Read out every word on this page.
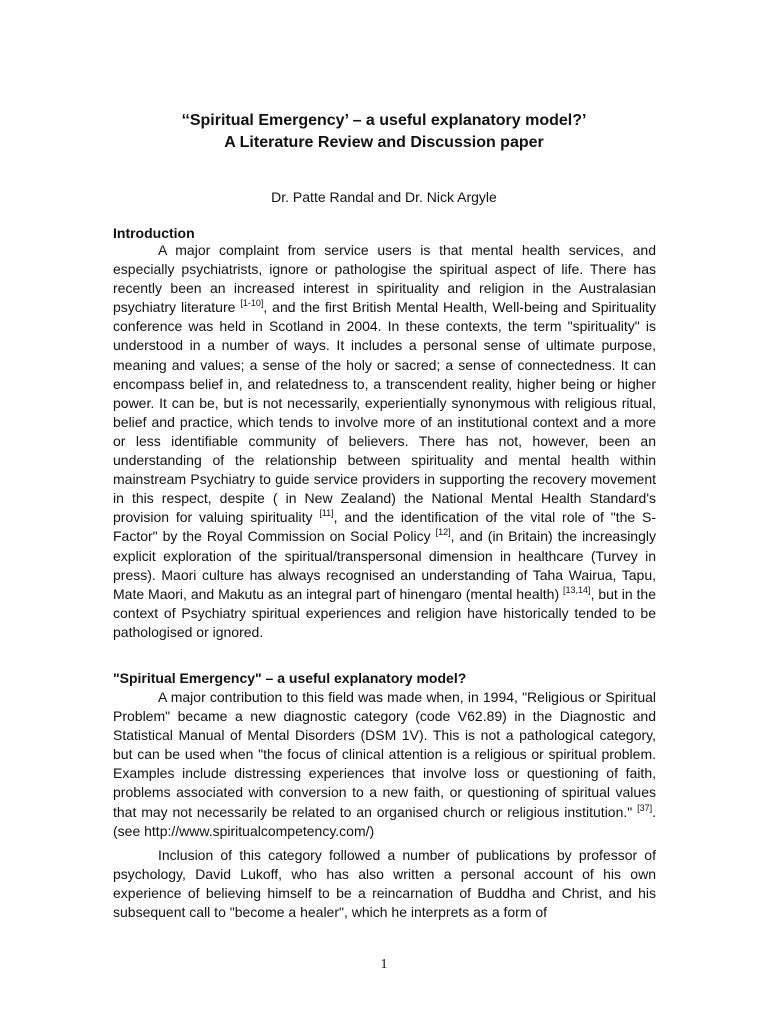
‘‘Spiritual Emergency’ – a useful explanatory model?’
A Literature Review and Discussion paper
Dr. Patte Randal and Dr. Nick Argyle
Introduction

A major complaint from service users is that mental health services, and especially psychiatrists, ignore or pathologise the spiritual aspect of life. There has recently been an increased interest in spirituality and religion in the Australasian psychiatry literature [1-10], and the first British Mental Health, Well-being and Spirituality conference was held in Scotland in 2004. In these contexts, the term "spirituality" is understood in a number of ways. It includes a personal sense of ultimate purpose, meaning and values; a sense of the holy or sacred; a sense of connectedness. It can encompass belief in, and relatedness to, a transcendent reality, higher being or higher power. It can be, but is not necessarily, experientially synonymous with religious ritual, belief and practice, which tends to involve more of an institutional context and a more or less identifiable community of believers. There has not, however, been an understanding of the relationship between spirituality and mental health within mainstream Psychiatry to guide service providers in supporting the recovery movement in this respect, despite ( in New Zealand) the National Mental Health Standard's provision for valuing spirituality [11], and the identification of the vital role of "the S-Factor" by the Royal Commission on Social Policy [12], and (in Britain) the increasingly explicit exploration of the spiritual/transpersonal dimension in healthcare (Turvey in press). Maori culture has always recognised an understanding of Taha Wairua, Tapu, Mate Maori, and Makutu as an integral part of hinengaro (mental health) [13,14], but in the context of Psychiatry spiritual experiences and religion have historically tended to be pathologised or ignored.

"Spiritual Emergency" – a useful explanatory model?

A major contribution to this field was made when, in 1994, "Religious or Spiritual Problem" became a new diagnostic category (code V62.89) in the Diagnostic and Statistical Manual of Mental Disorders (DSM 1V). This is not a pathological category, but can be used when "the focus of clinical attention is a religious or spiritual problem. Examples include distressing experiences that involve loss or questioning of faith, problems associated with conversion to a new faith, or questioning of spiritual values that may not necessarily be related to an organised church or religious institution." [37]. (see http://www.spiritualcompetency.com/)

Inclusion of this category followed a number of publications by professor of psychology, David Lukoff, who has also written a personal account of his own experience of believing himself to be a reincarnation of Buddha and Christ, and his subsequent call to "become a healer", which he interprets as a form of

1
